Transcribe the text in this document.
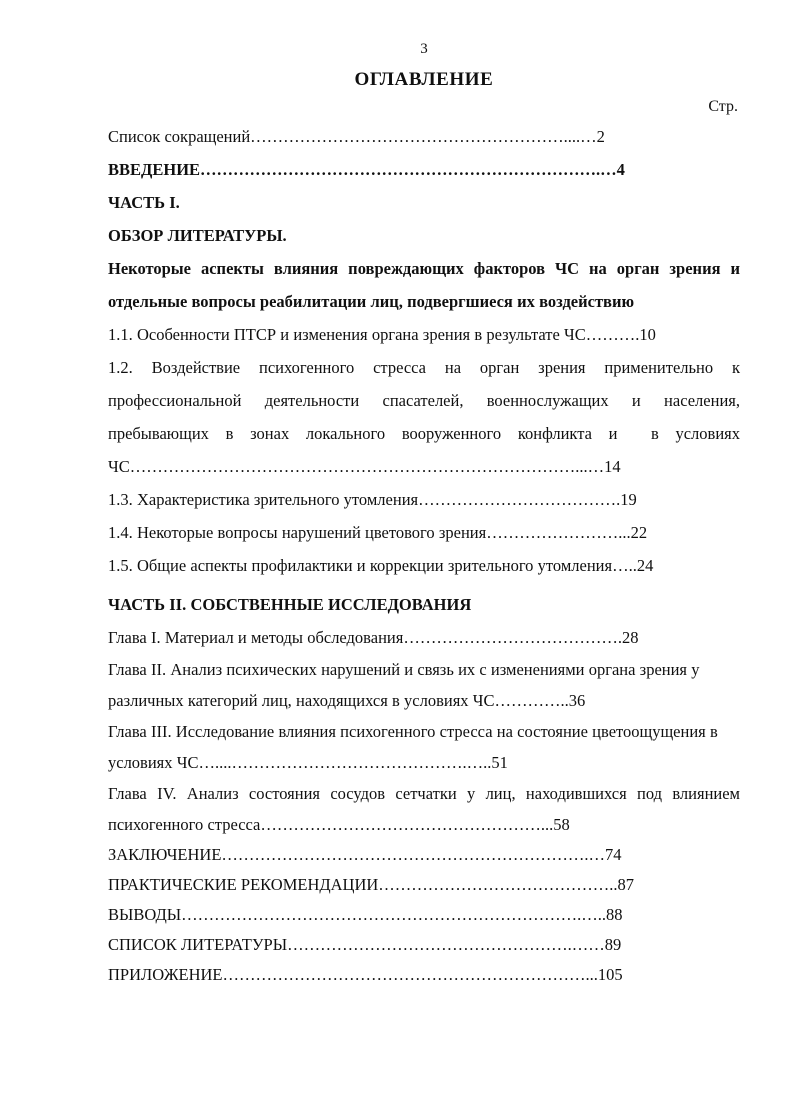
3
ОГЛАВЛЕНИЕ
Стр.
Список сокращений…………………………………………………....…2
ВВЕДЕНИЕ……………………………………………………………….…4
ЧАСТЬ I.
ОБЗОР ЛИТЕРАТУРЫ.
Некоторые аспекты влияния повреждающих факторов ЧС на орган зрения и отдельные вопросы реабилитации лиц, подвергшиеся их воздействию
1.1. Особенности ПТСР и изменения органа зрения в результате ЧС……….10
1.2. Воздействие психогенного стресса на орган зрения применительно к профессиональной деятельности спасателей, военнослужащих и населения, пребывающих в зонах локального вооруженного конфликта и  в условиях ЧС………………………………………………………………………...…14
1.3. Характеристика зрительного утомления……………………………….19
1.4. Некоторые вопросы нарушений цветового зрения……………………...22
1.5. Общие аспекты профилактики и коррекции зрительного утомления…..24
ЧАСТЬ II. СОБСТВЕННЫЕ ИССЛЕДОВАНИЯ
Глава I. Материал и методы обследования………………………………….28
Глава II. Анализ психических нарушений и связь их с изменениями органа зрения у различных категорий лиц, находящихся в условиях ЧС…………..36
Глава III. Исследование влияния психогенного стресса на состояние цветоощущения в условиях ЧС…....…………………………………….…..51
Глава IV. Анализ состояния сосудов сетчатки у лиц, находившихся под влиянием психогенного стресса……………………………………………...58
ЗАКЛЮЧЕНИЕ………………………………………………………….…74
ПРАКТИЧЕСКИЕ РЕКОМЕНДАЦИИ……………………………………..87
ВЫВОДЫ……………………………………………………………….…..88
СПИСОК ЛИТЕРАТУРЫ…………………………………………….……89
ПРИЛОЖЕНИЕ…………………………………………………………...105
